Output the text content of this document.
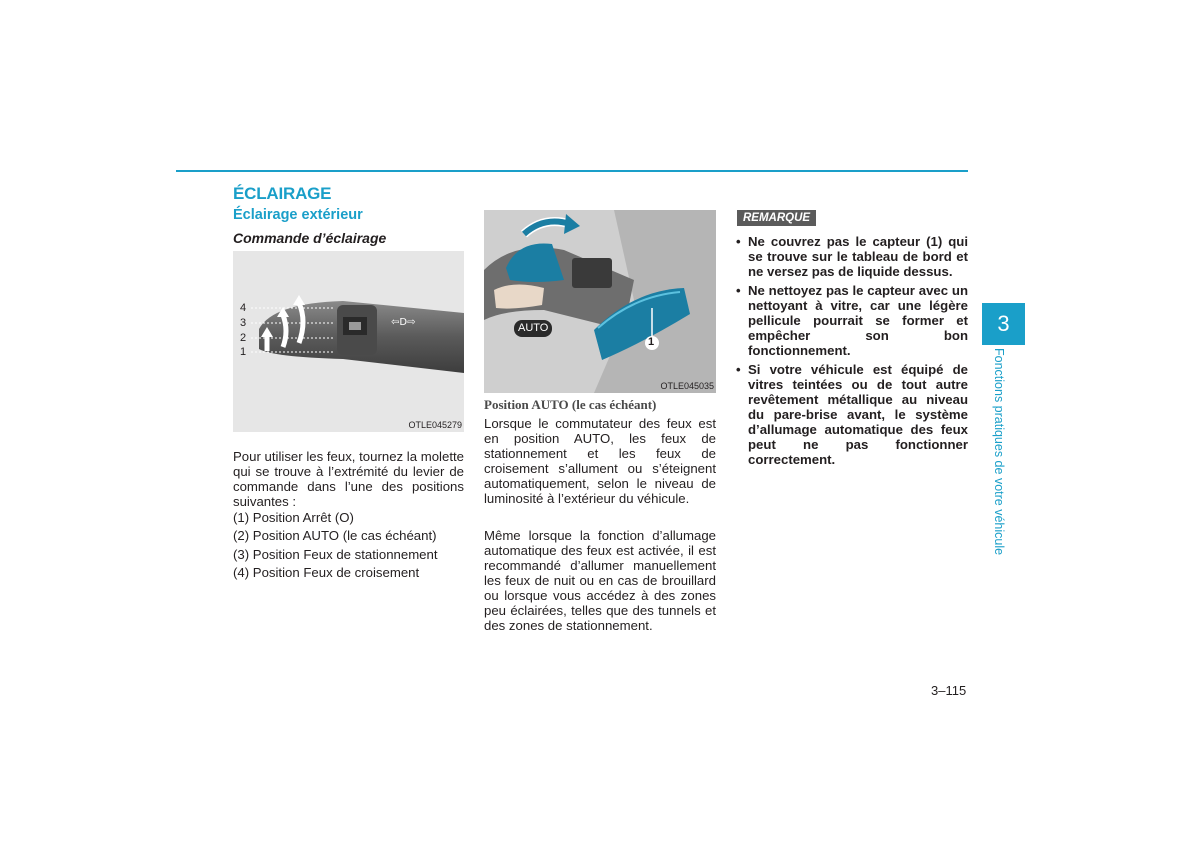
ÉCLAIRAGE
Éclairage extérieur
Commande d’éclairage
⇦D⇨
4
3
2
1
OTLE045279
Pour utiliser les feux, tournez la molette qui se trouve à l’extrémité du levier de commande dans l’une des positions suivantes :
(1) Position Arrêt (O)
(2) Position AUTO (le cas échéant)
(3) Position Feux de stationnement
(4) Position Feux de croisement
1
AUTO
OTLE045035
Position AUTO (le cas échéant)
Lorsque le commutateur des feux est en position AUTO, les feux de stationnement et les feux de croisement s’allument ou s’éteignent automatiquement, selon le niveau de luminosité à l’extérieur du véhicule.
Même lorsque la fonction d’allumage automatique des feux est activée, il est recommandé d’allumer manuellement les feux de nuit ou en cas de brouillard ou lorsque vous accédez à des zones peu éclairées, telles que des tunnels et des zones de stationnement.
REMARQUE
• Ne couvrez pas le capteur (1) qui se trouve sur le tableau de bord et ne versez pas de liquide dessus.
• Ne nettoyez pas le capteur avec un nettoyant à vitre, car une légère pellicule pourrait se former et empêcher son bon fonctionnement.
• Si votre véhicule est équipé de vitres teintées ou de tout autre revêtement métallique au niveau du pare-brise avant, le système d’allumage automatique des feux peut ne pas fonctionner correctement.
3
Fonctions pratiques de votre véhicule
3–115
